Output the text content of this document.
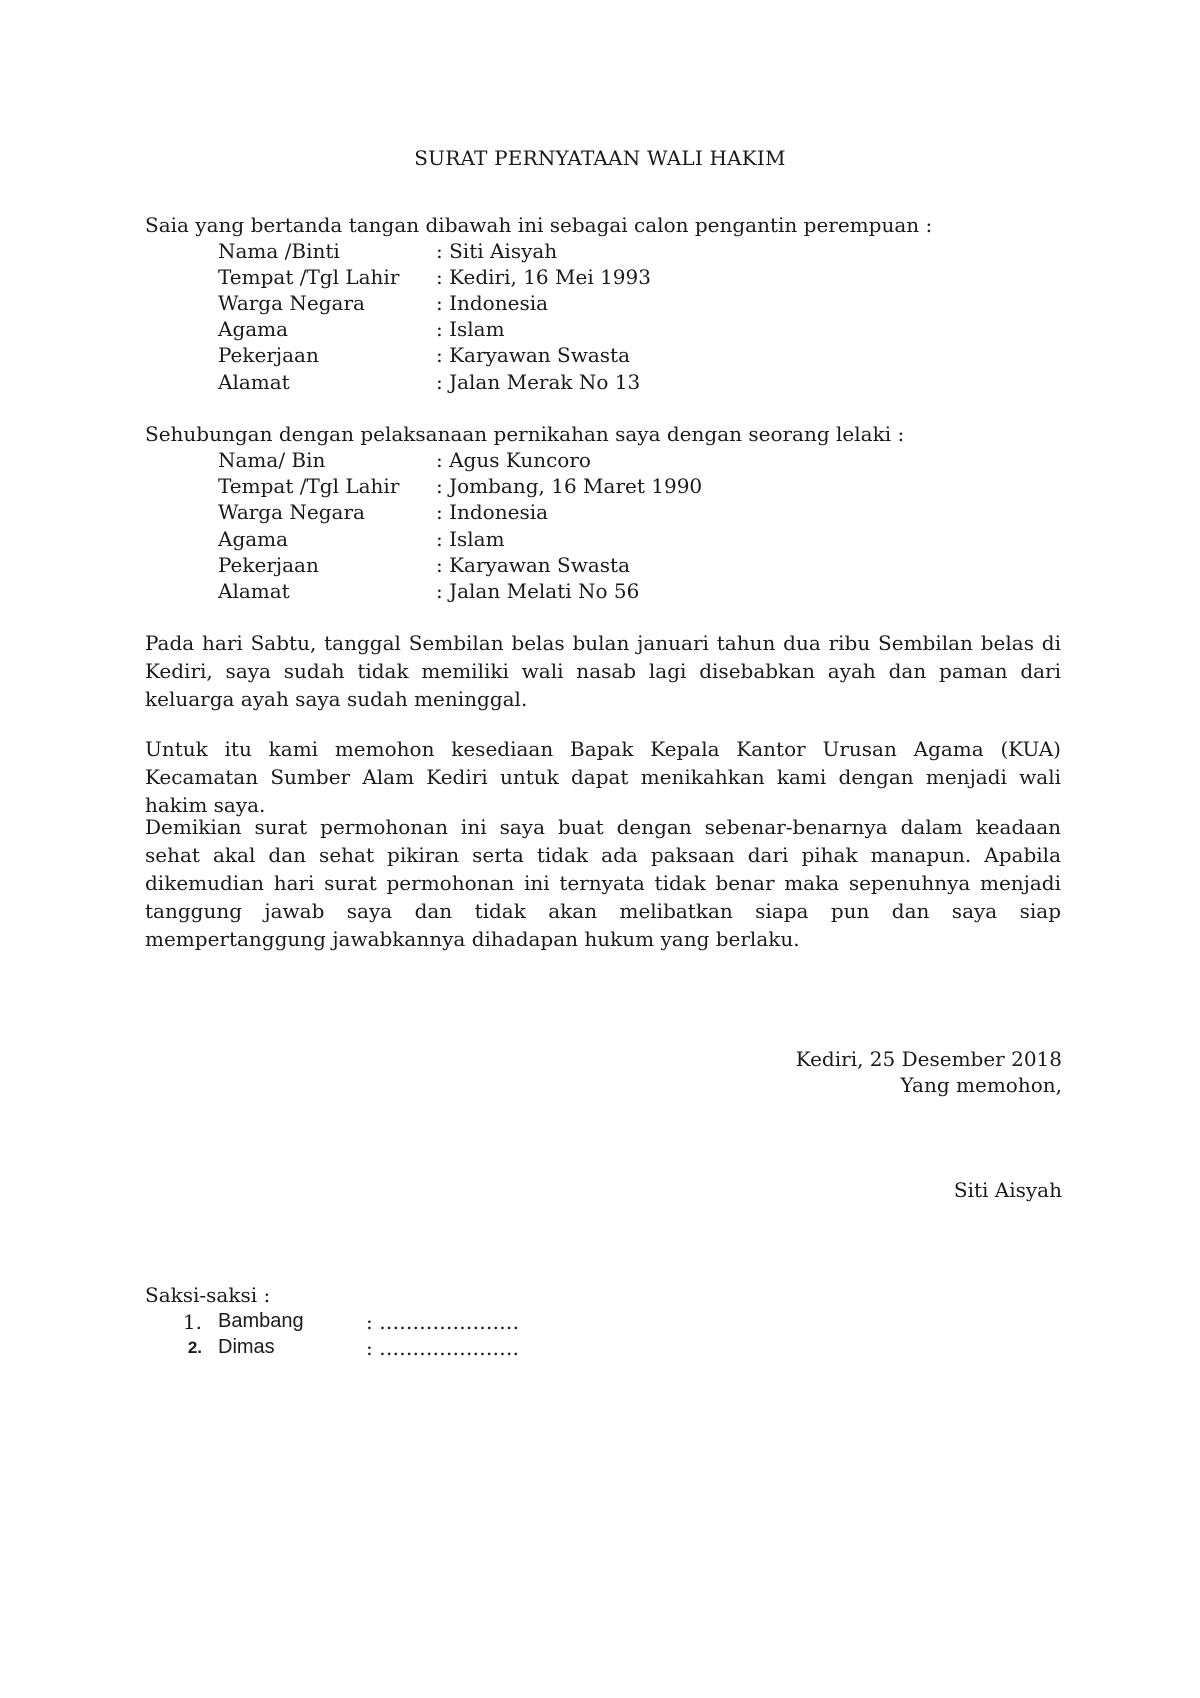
SURAT PERNYATAAN WALI HAKIM
Saia yang bertanda tangan dibawah ini sebagai calon pengantin perempuan :
Nama /Binti	: Siti Aisyah
Tempat /Tgl Lahir : Kediri, 16 Mei 1993
Warga Negara	: Indonesia
Agama	: Islam
Pekerjaan	: Karyawan Swasta
Alamat	: Jalan Merak No 13
Sehubungan dengan pelaksanaan pernikahan saya dengan seorang lelaki :
Nama/ Bin	: Agus Kuncoro
Tempat /Tgl Lahir : Jombang, 16 Maret 1990
Warga Negara	: Indonesia
Agama	: Islam
Pekerjaan	: Karyawan Swasta
Alamat	: Jalan Melati No 56
Pada hari Sabtu, tanggal Sembilan belas bulan januari tahun dua ribu Sembilan belas di Kediri, saya sudah tidak memiliki wali nasab lagi disebabkan ayah dan paman dari keluarga ayah saya sudah meninggal.
Untuk itu kami memohon kesediaan Bapak Kepala Kantor Urusan Agama (KUA) Kecamatan Sumber Alam Kediri untuk dapat menikahkan kami dengan menjadi wali hakim saya.
Demikian surat permohonan ini saya buat dengan sebenar-benarnya dalam keadaan sehat akal dan sehat pikiran serta tidak ada paksaan dari pihak manapun. Apabila dikemudian hari surat permohonan ini ternyata tidak benar maka sepenuhnya menjadi tanggung jawab saya dan tidak akan melibatkan siapa pun dan saya siap mempertanggung jawabkannya dihadapan hukum yang berlaku.
Kediri, 25 Desember 2018
Yang memohon,
Siti Aisyah
Saksi-saksi :
1. Bambang	: …………………
2. Dimas	: …………………
